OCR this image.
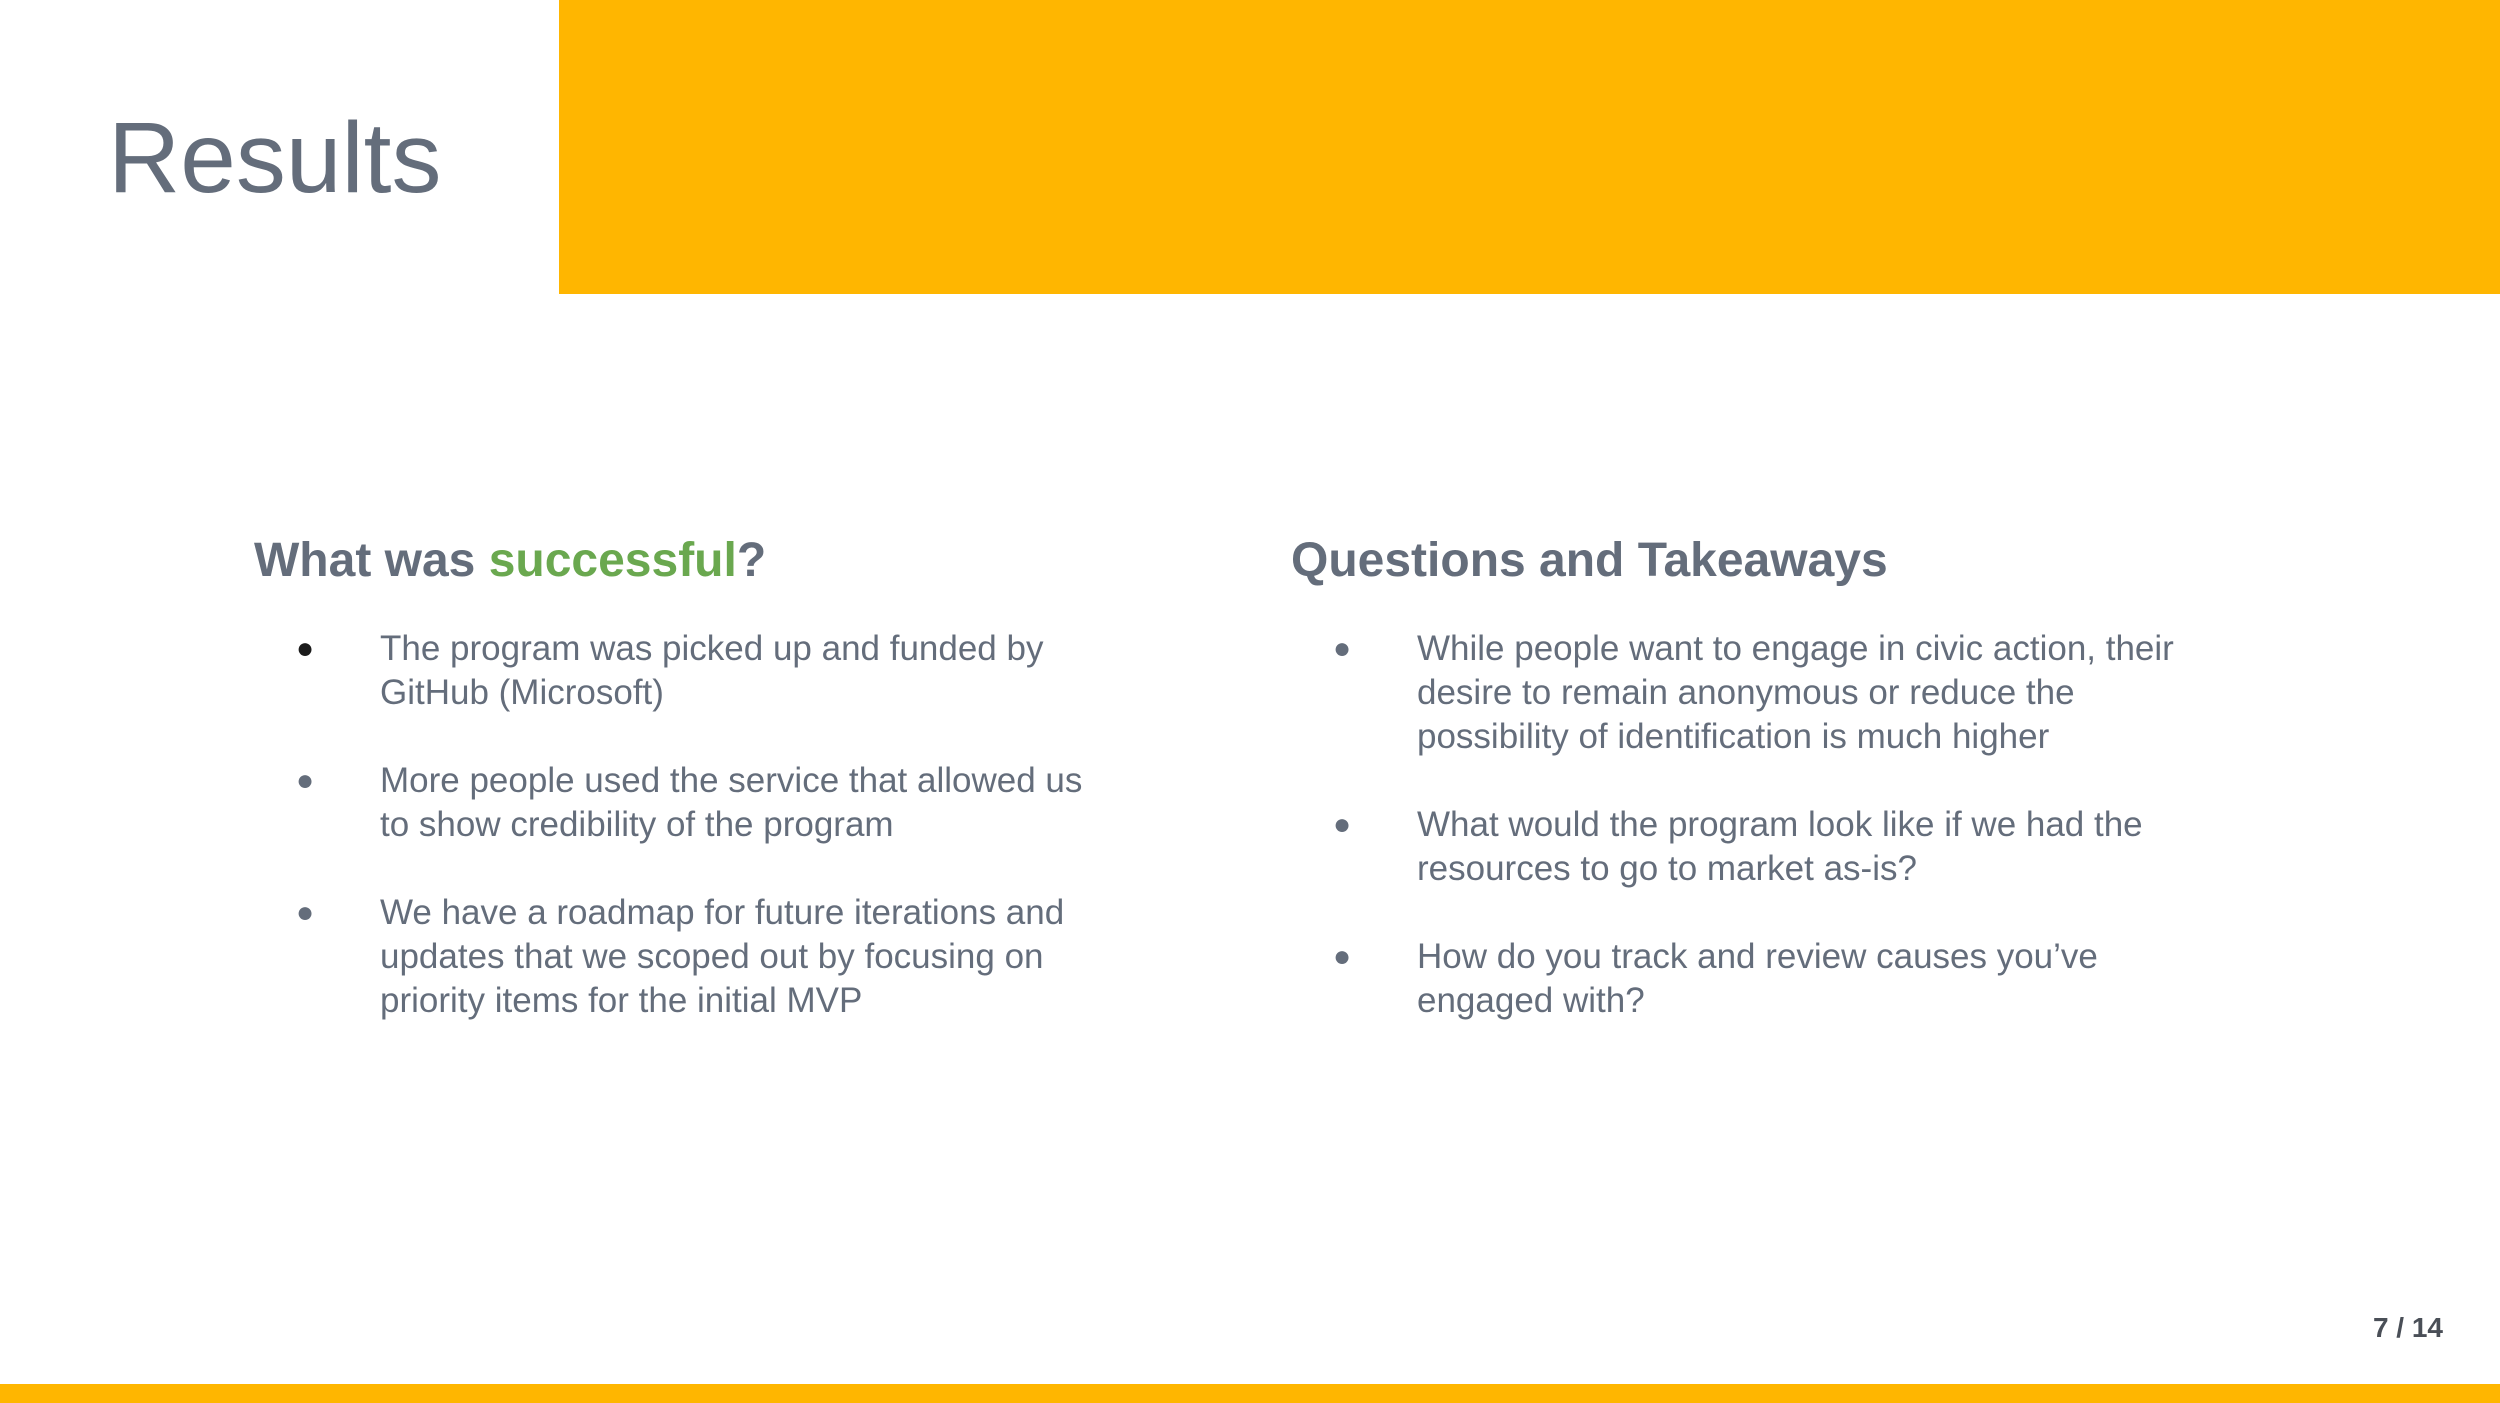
Results
What was successful?
● The program was picked up and funded by GitHub (Microsoft)
● More people used the service that allowed us to show credibility of the program
● We have a roadmap for future iterations and updates that we scoped out by focusing on priority items for the initial MVP
Questions and Takeaways
● While people want to engage in civic action, their desire to remain anonymous or reduce the possibility of identification is much higher
● What would the program look like if we had the resources to go to market as-is?
● How do you track and review causes you’ve engaged with?
7 / 14
